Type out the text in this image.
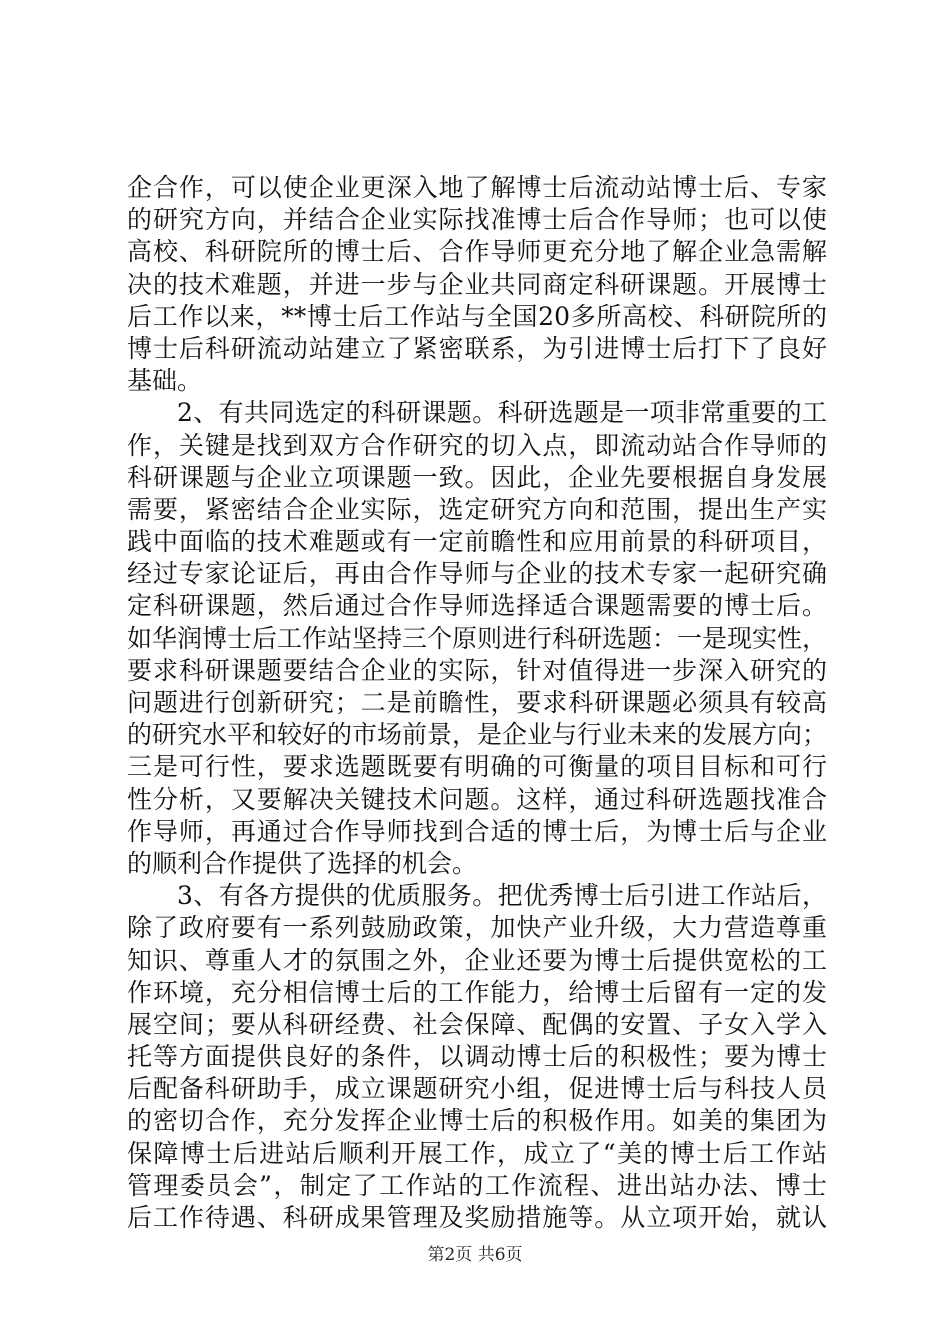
企合作，可以使企业更深入地了解博士后流动站博士后、专家
的研究方向，并结合企业实际找准博士后合作导师；也可以使
高校、科研院所的博士后、合作导师更充分地了解企业急需解
决的技术难题，并进一步与企业共同商定科研课题。开展博士
后工作以来，**博士后工作站与全国20多所高校、科研院所的
博士后科研流动站建立了紧密联系，为引进博士后打下了良好
基础。
2、有共同选定的科研课题。科研选题是一项非常重要的工
作，关键是找到双方合作研究的切入点，即流动站合作导师的
科研课题与企业立项课题一致。因此，企业先要根据自身发展
需要，紧密结合企业实际，选定研究方向和范围，提出生产实
践中面临的技术难题或有一定前瞻性和应用前景的科研项目，
经过专家论证后，再由合作导师与企业的技术专家一起研究确
定科研课题，然后通过合作导师选择适合课题需要的博士后。
如华润博士后工作站坚持三个原则进行科研选题：一是现实性，
要求科研课题要结合企业的实际，针对值得进一步深入研究的
问题进行创新研究；二是前瞻性，要求科研课题必须具有较高
的研究水平和较好的市场前景，是企业与行业未来的发展方向；
三是可行性，要求选题既要有明确的可衡量的项目目标和可行
性分析，又要解决关键技术问题。这样，通过科研选题找准合
作导师，再通过合作导师找到合适的博士后，为博士后与企业
的顺利合作提供了选择的机会。
3、有各方提供的优质服务。把优秀博士后引进工作站后，
除了政府要有一系列鼓励政策，加快产业升级，大力营造尊重
知识、尊重人才的氛围之外，企业还要为博士后提供宽松的工
作环境，充分相信博士后的工作能力，给博士后留有一定的发
展空间；要从科研经费、社会保障、配偶的安置、子女入学入
托等方面提供良好的条件，以调动博士后的积极性；要为博士
后配备科研助手，成立课题研究小组，促进博士后与科技人员
的密切合作，充分发挥企业博士后的积极作用。如美的集团为
保障博士后进站后顺利开展工作，成立了“美的博士后工作站
管理委员会”，制定了工作站的工作流程、进出站办法、博士
后工作待遇、科研成果管理及奖励措施等。从立项开始，就认
第2页 共6页
